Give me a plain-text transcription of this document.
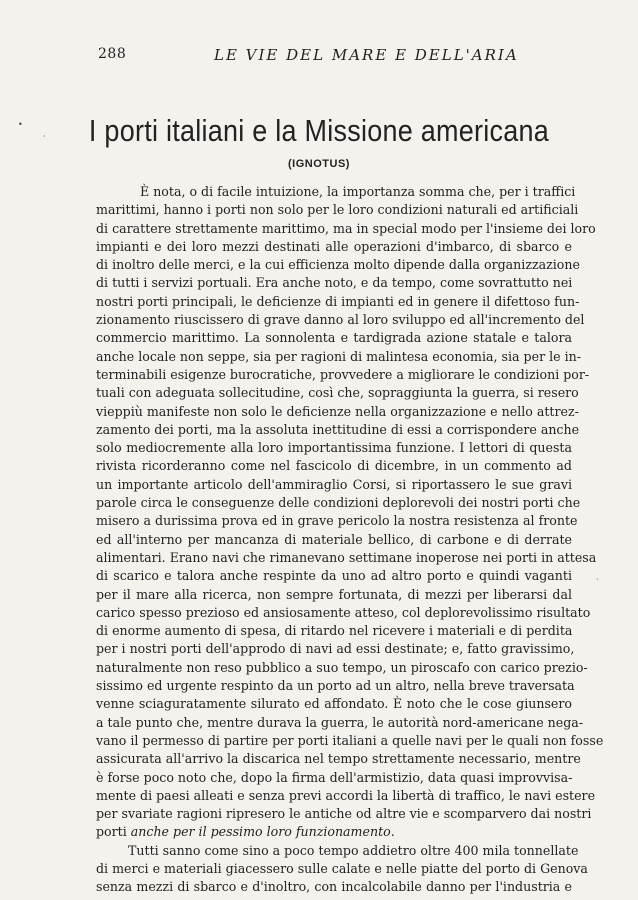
288	LE VIE DEL MARE E DELL'ARIA
•
·
·
I porti italiani e la Missione americana
(IGNOTUS)
È nota, o di facile intuizione, la importanza somma che, per i traffici
marittimi, hanno i porti non solo per le loro condizioni naturali ed artificiali
di carattere strettamente marittimo, ma in special modo per l'insieme dei loro
impianti e dei loro mezzi destinati alle operazioni d'imbarco, di sbarco e
di inoltro delle merci, e la cui efficienza molto dipende dalla organizzazione
di tutti i servizi portuali. Era anche noto, e da tempo, come sovrattutto nei
nostri porti principali, le deficienze di impianti ed in genere il difettoso fun-
zionamento riuscissero di grave danno al loro sviluppo ed all'incremento del
commercio marittimo. La sonnolenta e tardigrada azione statale e talora
anche locale non seppe, sia per ragioni di malintesa economia, sia per le in-
terminabili esigenze burocratiche, provvedere a migliorare le condizioni por-
tuali con adeguata sollecitudine, così che, sopraggiunta la guerra, si resero
vieppiù manifeste non solo le deficienze nella organizzazione e nello attrez-
zamento dei porti, ma la assoluta inettitudine di essi a corrispondere anche
solo mediocremente alla loro importantissima funzione. I lettori di questa
rivista ricorderanno come nel fascicolo di dicembre, in un commento ad
un importante articolo dell'ammiraglio Corsi, si riportassero le sue gravi
parole circa le conseguenze delle condizioni deplorevoli dei nostri porti che
misero a durissima prova ed in grave pericolo la nostra resistenza al fronte
ed all'interno per mancanza di materiale bellico, di carbone e di derrate
alimentari. Erano navi che rimanevano settimane inoperose nei porti in attesa
di scarico e talora anche respinte da uno ad altro porto e quindi vaganti
per il mare alla ricerca, non sempre fortunata, di mezzi per liberarsi dal
carico spesso prezioso ed ansiosamente atteso, col deplorevolissimo risultato
di enorme aumento di spesa, di ritardo nel ricevere i materiali e di perdita
per i nostri porti dell'approdo di navi ad essi destinate; e, fatto gravissimo,
naturalmente non reso pubblico a suo tempo, un piroscafo con carico prezio-
sissimo ed urgente respinto da un porto ad un altro, nella breve traversata
venne sciaguratamente silurato ed affondato. È noto che le cose giunsero
a tale punto che, mentre durava la guerra, le autorità nord-americane nega-
vano il permesso di partire per porti italiani a quelle navi per le quali non fosse
assicurata all'arrivo la discarica nel tempo strettamente necessario, mentre
è forse poco noto che, dopo la firma dell'armistizio, data quasi improvvisa-
mente di paesi alleati e senza previ accordi la libertà di traffico, le navi estere
per svariate ragioni ripresero le antiche od altre vie e scomparvero dai nostri
porti anche per il pessimo loro funzionamento.
Tutti sanno come sino a poco tempo addietro oltre 400 mila tonnellate
di merci e materiali giacessero sulle calate e nelle piatte del porto di Genova
senza mezzi di sbarco e d'inoltro, con incalcolabile danno per l'industria e
